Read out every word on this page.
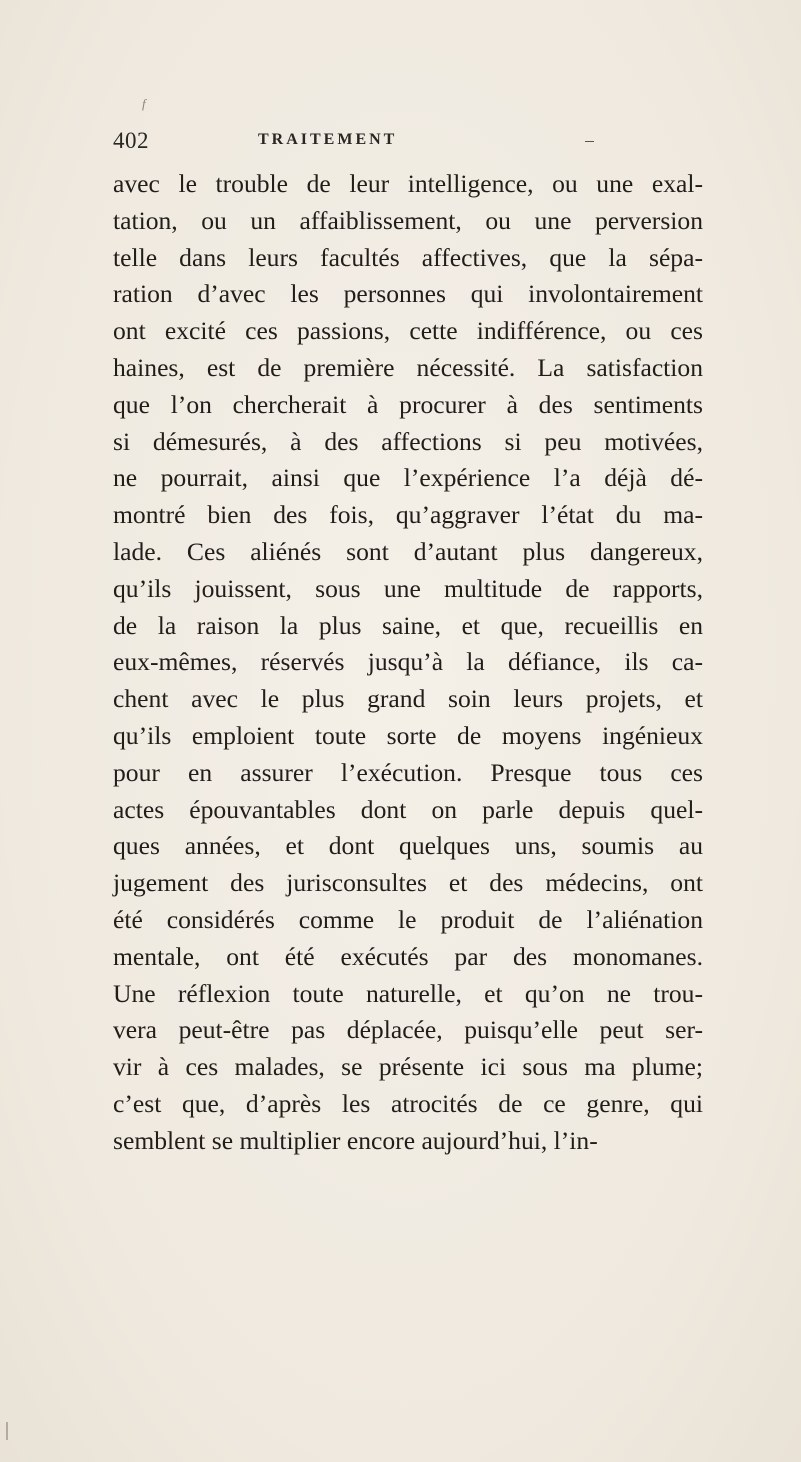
f
402	TRAITEMENT
avec le trouble de leur intelligence, ou une exal-
tation, ou un affaiblissement, ou une perversion
telle dans leurs facultés affectives, que la sépa-
ration d’avec les personnes qui involontairement
ont excité ces passions, cette indifférence, ou ces
haines, est de première nécessité. La satisfaction
que l’on chercherait à procurer à des sentiments
si démesurés, à des affections si peu motivées,
ne pourrait, ainsi que l’expérience l’a déjà dé-
montré bien des fois, qu’aggraver l’état du ma-
lade. Ces aliénés sont d’autant plus dangereux,
qu’ils jouissent, sous une multitude de rapports,
de la raison la plus saine, et que, recueillis en
eux-mêmes, réservés jusqu’à la défiance, ils ca-
chent avec le plus grand soin leurs projets, et
qu’ils emploient toute sorte de moyens ingénieux
pour en assurer l’exécution. Presque tous ces
actes épouvantables dont on parle depuis quel-
ques années, et dont quelques uns, soumis au
jugement des jurisconsultes et des médecins, ont
été considérés comme le produit de l’aliénation
mentale, ont été exécutés par des monomanes.
Une réflexion toute naturelle, et qu’on ne trou-
vera peut-être pas déplacée, puisqu’elle peut ser-
vir à ces malades, se présente ici sous ma plume;
c’est que, d’après les atrocités de ce genre, qui
semblent se multiplier encore aujourd’hui, l’in-
